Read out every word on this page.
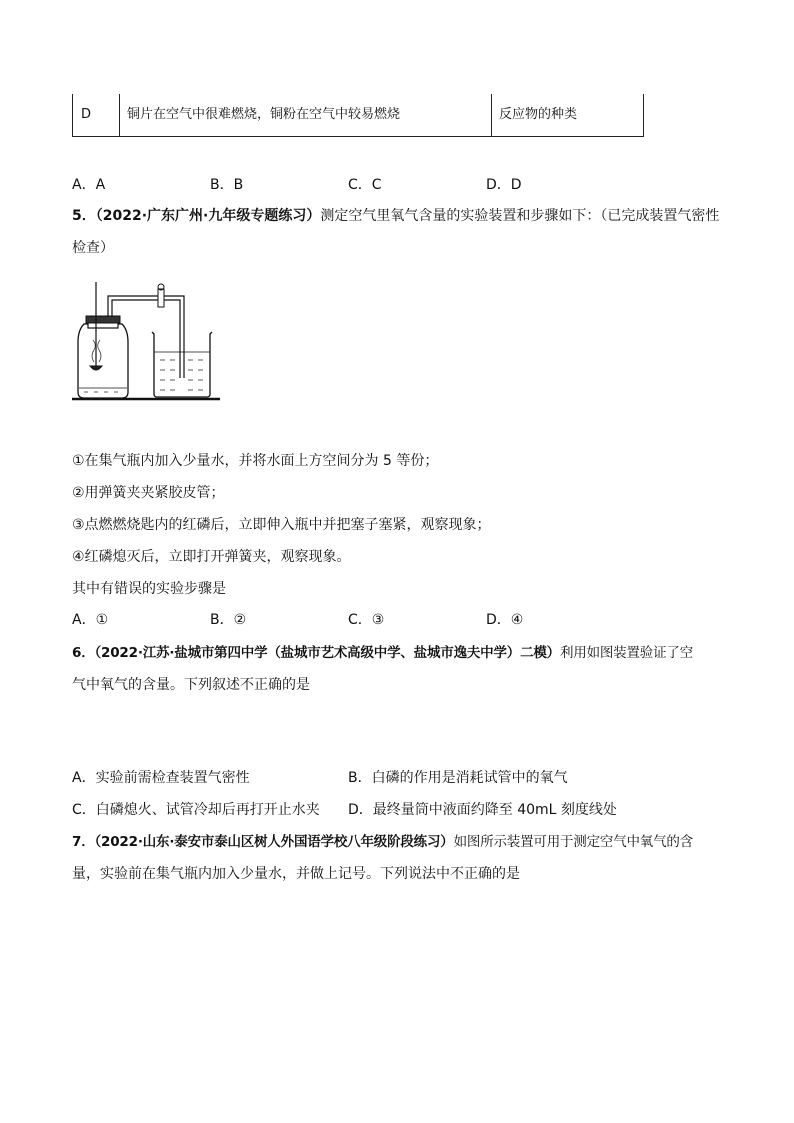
D	铜片在空气中很难燃烧，铜粉在空气中较易燃烧	反应物的种类
A．A	B．B	C．C	D．D
5．（2022·广东广州·九年级专题练习）测定空气里氧气含量的实验装置和步骤如下：（已完成装置气密性
检查）
①在集气瓶内加入少量水，并将水面上方空间分为 5 等份；
②用弹簧夹夹紧胶皮管；
③点燃燃烧匙内的红磷后，立即伸入瓶中并把塞子塞紧，观察现象；
④红磷熄灭后，立即打开弹簧夹，观察现象。
其中有错误的实验步骤是
A．①	B．②	C．③	D．④
6．（2022·江苏·盐城市第四中学（盐城市艺术高级中学、盐城市逸夫中学）二模）利用如图装置验证了空
气中氧气的含量。下列叙述不正确的是
A．实验前需检查装置气密性	B．白磷的作用是消耗试管中的氧气
C．白磷熄火、试管冷却后再打开止水夹 D．最终量筒中液面约降至 40mL 刻度线处
7．（2022·山东·泰安市泰山区树人外国语学校八年级阶段练习）如图所示装置可用于测定空气中氧气的含
量，实验前在集气瓶内加入少量水，并做上记号。下列说法中不正确的是
